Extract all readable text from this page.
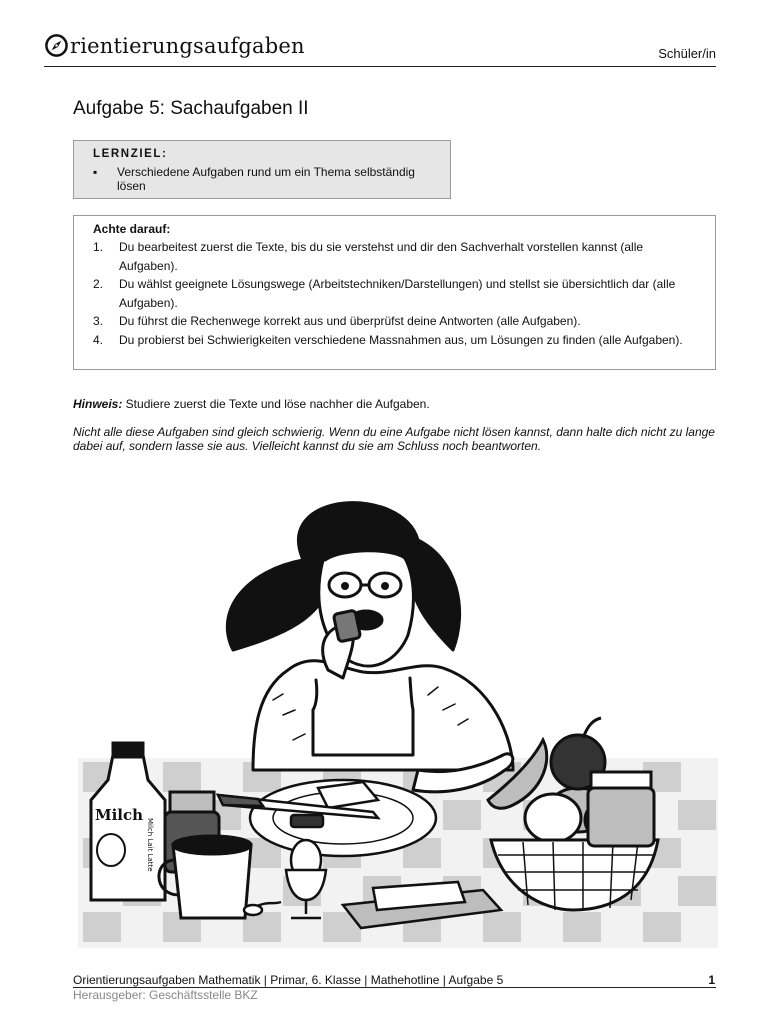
rientierungsaufgaben	Schüler/in
Aufgabe 5: Sachaufgaben II
LERNZIEL:
▪	Verschiedene Aufgaben rund um ein Thema selbständig lösen
Achte darauf:
1.	Du bearbeitest zuerst die Texte, bis du sie verstehst und dir den Sachverhalt vorstellen kannst (alle Aufgaben).
2.	Du wählst geeignete Lösungswege (Arbeitstechniken/Darstellungen) und stellst sie übersichtlich dar (alle Aufgaben).
3.	Du führst die Rechenwege korrekt aus und überprüfst deine Antworten (alle Aufgaben).
4.	Du probierst bei Schwierigkeiten verschiedene Massnahmen aus, um Lösungen zu finden (alle Aufgaben).
Hinweis: Studiere zuerst die Texte und löse nachher die Aufgaben.
Nicht alle diese Aufgaben sind gleich schwierig. Wenn du eine Aufgabe nicht lösen kannst, dann halte dich nicht zu lange dabei auf, sondern lasse sie aus. Vielleicht kannst du sie am Schluss noch beantworten.
Milch
Milch Lait Latte
Orientierungsaufgaben Mathematik | Primar, 6. Klasse | Mathehotline | Aufgabe 5	1
Herausgeber: Geschäftsstelle BKZ
